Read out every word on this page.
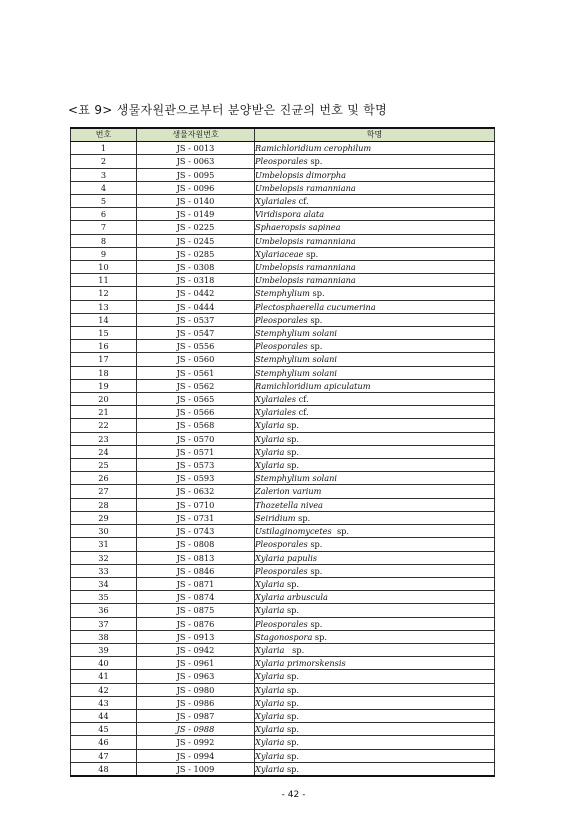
<표 9> 생물자원관으로부터 분양받은 진균의 번호 및 학명
번호	생물자원번호	학명
1	JS - 0013	Ramichloridium cerophilum
2	JS - 0063	Pleosporales sp.
3	JS - 0095	Umbelopsis dimorpha
4	JS - 0096	Umbelopsis ramanniana
5	JS - 0140	Xylariales cf.
6	JS - 0149	Viridispora alata
7	JS - 0225	Sphaeropsis sapinea
8	JS - 0245	Umbelopsis ramanniana
9	JS - 0285	Xylariaceae sp.
10	JS - 0308	Umbelopsis ramanniana
11	JS - 0318	Umbelopsis ramanniana
12	JS - 0442	Stemphylium sp.
13	JS - 0444	Plectosphaerella cucumerina
14	JS - 0537	Pleosporales sp.
15	JS - 0547	Stemphylium solani
16	JS - 0556	Pleosporales sp.
17	JS - 0560	Stemphylium solani
18	JS - 0561	Stemphylium solani
19	JS - 0562	Ramichloridium apiculatum
20	JS - 0565	Xylariales cf.
21	JS - 0566	Xylariales cf.
22	JS - 0568	Xylaria sp.
23	JS - 0570	Xylaria sp.
24	JS - 0571	Xylaria sp.
25	JS - 0573	Xylaria sp.
26	JS - 0593	Stemphylium solani
27	JS - 0632	Zalerion varium
28	JS - 0710	Thozetella nivea
29	JS - 0731	Seiridium sp.
30	JS - 0743	Ustilaginomycetes  sp.
31	JS - 0808	Pleosporales sp.
32	JS - 0813	Xylaria papulis
33	JS - 0846	Pleosporales sp.
34	JS - 0871	Xylaria sp.
35	JS - 0874	Xylaria arbuscula
36	JS - 0875	Xylaria sp.
37	JS - 0876	Pleosporales sp.
38	JS - 0913	Stagonospora sp.
39	JS - 0942	Xylaria   sp.
40	JS - 0961	Xylaria primorskensis
41	JS - 0963	Xylaria sp.
42	JS - 0980	Xylaria sp.
43	JS - 0986	Xylaria sp.
44	JS - 0987	Xylaria sp.
45	JS - 0988	Xylaria sp.
46	JS - 0992	Xylaria sp.
47	JS - 0994	Xylaria sp.
48	JS - 1009	Xylaria sp.
- 42 -
